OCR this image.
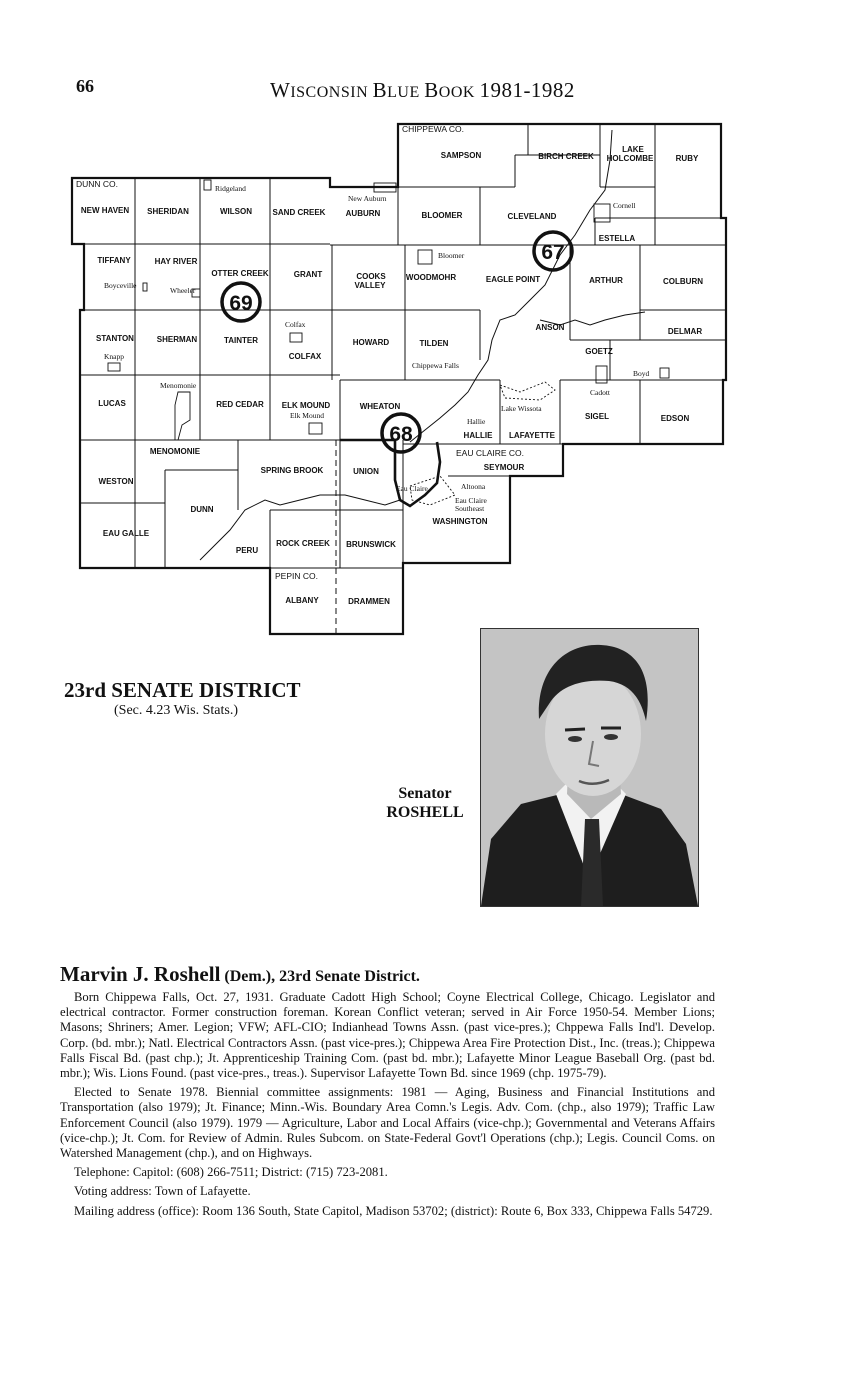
66	WISCONSIN BLUE BOOK 1981-1982
67
68
69
CHIPPEWA CO.
DUNN CO.
EAU CLAIRE CO.
PEPIN CO.
SAMPSON	BIRCH CREEK
LAKE
HOLCOMBE	RUBY
NEW HAVEN SHERIDAN	WILSON	SAND CREEK	AUBURN	BLOOMER	CLEVELAND
ESTELLA
TIFFANY	HAY RIVER
OTTER CREEK	GRANT	COOKS
VALLEY
WOODMOHR	EAGLE POINT	ARTHUR	COLBURN
STANTON	SHERMAN	TAINTER
COLFAX
HOWARD	TILDEN
ANSON
GOETZ
DELMAR
LUCAS	RED CEDAR ELK MOUND	WHEATON
HALLIE LAFAYETTE
SIGEL	EDSON
MENOMONIE
SEYMOUR
WESTON
SPRING BROOK	UNION
DUNN
WASHINGTON
EAU GALLE
PERU
ROCK CREEK BRUNSWICK
ALBANY	DRAMMEN
Ridgeland
New Auburn
Cornell
Bloomer
Boyceville
Wheeler
Colfax
Knapp
Chippewa Falls
Menomonie
Elk Mound
Cadott
Boyd
Lake Wissota
Hallie
Eau Claire	Altoona
Eau Claire
Southeast
23rd SENATE DISTRICT
(Sec. 4.23 Wis. Stats.)
Senator
ROSHELL
Marvin J. Roshell (Dem.), 23rd Senate District.

Born Chippewa Falls, Oct. 27, 1931. Graduate Cadott High School; Coyne Electrical College, Chicago. Legislator and electrical contractor. Former construction foreman. Korean Conflict veteran; served in Air Force 1950-54. Member Lions; Masons; Shriners; Amer. Legion; VFW; AFL-CIO; Indianhead Towns Assn. (past vice-pres.); Chppewa Falls Ind'l. Develop. Corp. (bd. mbr.); Natl. Electrical Contractors Assn. (past vice-pres.); Chippewa Area Fire Protection Dist., Inc. (treas.); Chippewa Falls Fiscal Bd. (past chp.); Jt. Apprenticeship Training Com. (past bd. mbr.); Lafayette Minor League Baseball Org. (past bd. mbr.); Wis. Lions Found. (past vice-pres., treas.). Supervisor Lafayette Town Bd. since 1969 (chp. 1975-79).

Elected to Senate 1978. Biennial committee assignments: 1981 — Aging, Business and Financial Institutions and Transportation (also 1979); Jt. Finance; Minn.-Wis. Boundary Area Comn.'s Legis. Adv. Com. (chp., also 1979); Traffic Law Enforcement Council (also 1979). 1979 — Agriculture, Labor and Local Affairs (vice-chp.); Governmental and Veterans Affairs (vice-chp.); Jt. Com. for Review of Admin. Rules Subcom. on State-Federal Govt'l Operations (chp.); Legis. Council Coms. on Watershed Management (chp.), and on Highways.

Telephone: Capitol: (608) 266-7511; District: (715) 723-2081.

Voting address: Town of Lafayette.

Mailing address (office): Room 136 South, State Capitol, Madison 53702; (district): Route 6, Box 333, Chippewa Falls 54729.
